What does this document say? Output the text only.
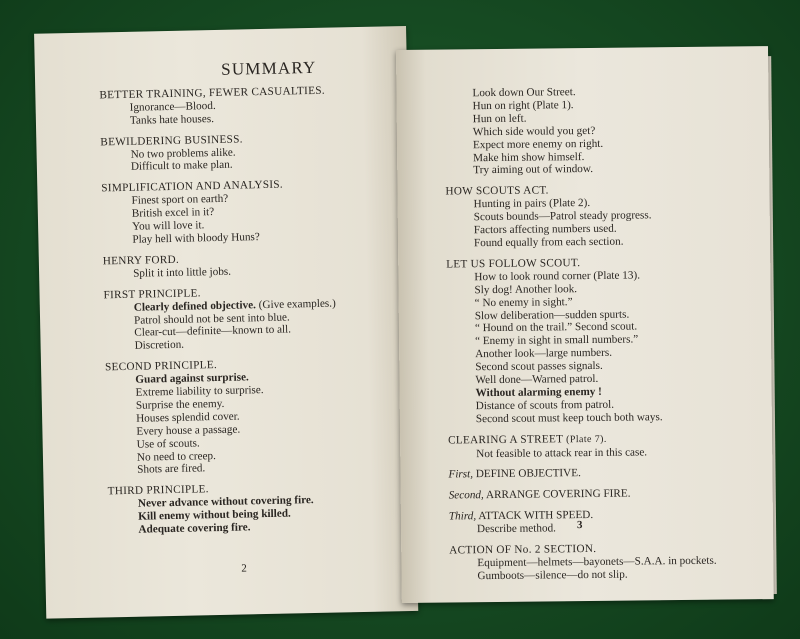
SUMMARY
BETTER TRAINING, FEWER CASUALTIES.
Ignorance—Blood.
Tanks hate houses.
BEWILDERING BUSINESS.
No two problems alike.
Difficult to make plan.
SIMPLIFICATION AND ANALYSIS.
Finest sport on earth?
British excel in it?
You will love it.
Play hell with bloody Huns?
HENRY FORD.
Split it into little jobs.
FIRST PRINCIPLE.
Clearly defined objective. (Give examples.)
Patrol should not be sent into blue.
Clear-cut—definite—known to all.
Discretion.
SECOND PRINCIPLE.
Guard against surprise.
Extreme liability to surprise.
Surprise the enemy.
Houses splendid cover.
Every house a passage.
Use of scouts.
No need to creep.
Shots are fired.
THIRD PRINCIPLE.
Never advance without covering fire.
Kill enemy without being killed.
Adequate covering fire.
2
Look down Our Street.
Hun on right (Plate 1).
Hun on left.
Which side would you get?
Expect more enemy on right.
Make him show himself.
Try aiming out of window.
HOW SCOUTS ACT.
Hunting in pairs (Plate 2).
Scouts bounds—Patrol steady progress.
Factors affecting numbers used.
Found equally from each section.
LET US FOLLOW SCOUT.
How to look round corner (Plate 13).
Sly dog! Another look.
“ No enemy in sight.”
Slow deliberation—sudden spurts.
“ Hound on the trail.” Second scout.
“ Enemy in sight in small numbers.”
Another look—large numbers.
Second scout passes signals.
Well done—Warned patrol.
Without alarming enemy !
Distance of scouts from patrol.
Second scout must keep touch both ways.
CLEARING A STREET (Plate 7).
Not feasible to attack rear in this case.
First, DEFINE OBJECTIVE.
Second, ARRANGE COVERING FIRE.
Third, ATTACK WITH SPEED.
Describe method.
ACTION OF No. 2 SECTION.
Equipment—helmets—bayonets—S.A.A. in pockets.
Gumboots—silence—do not slip.
3
